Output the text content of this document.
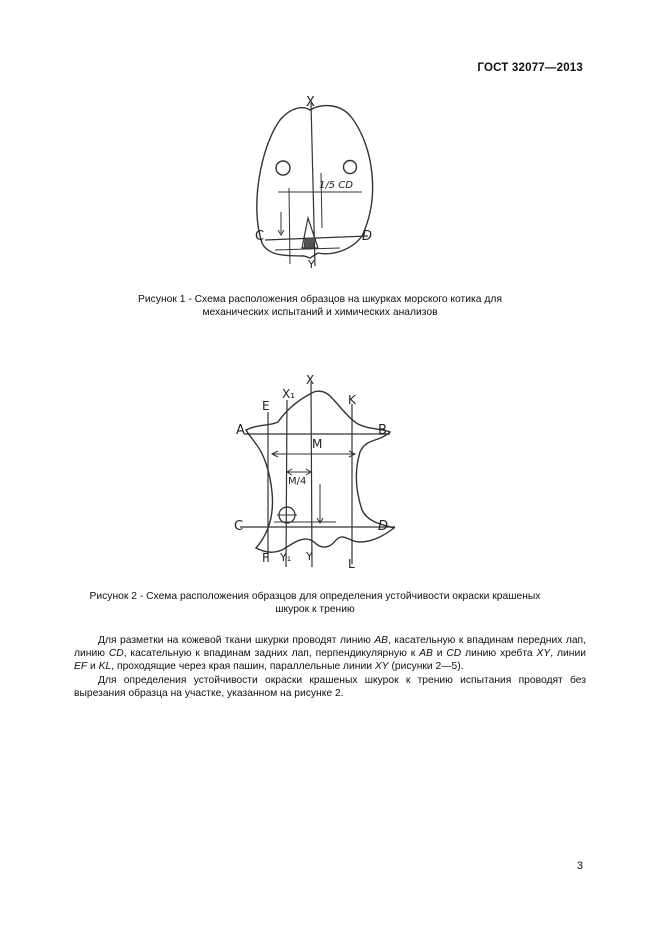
ГОСТ 32077—2013
X
Y
C	D
1/5 CD
Рисунок 1 - Схема расположения образцов на шкурках морского котика для
механических испытаний и химических анализов
X
X₁
E	K
A	B
M
M/4
C	D
F Y₁ Y
L
Рисунок 2 - Схема расположения образцов для определения устойчивости окраски крашеных
шкурок к трению

Для разметки на кожевой ткани шкурки проводят линию AB, касательную к впадинам передних лап, линию CD, касательную к впадинам задних лап, перпендикулярную к AB и CD линию хребта XY, линии EF и KL, проходящие через края пашин, параллельные линии XY (рисунки 2—5).

Для определения устойчивости окраски крашеных шкурок к трению испытания проводят без вырезания образца на участке, указанном на рисунке 2.

3
